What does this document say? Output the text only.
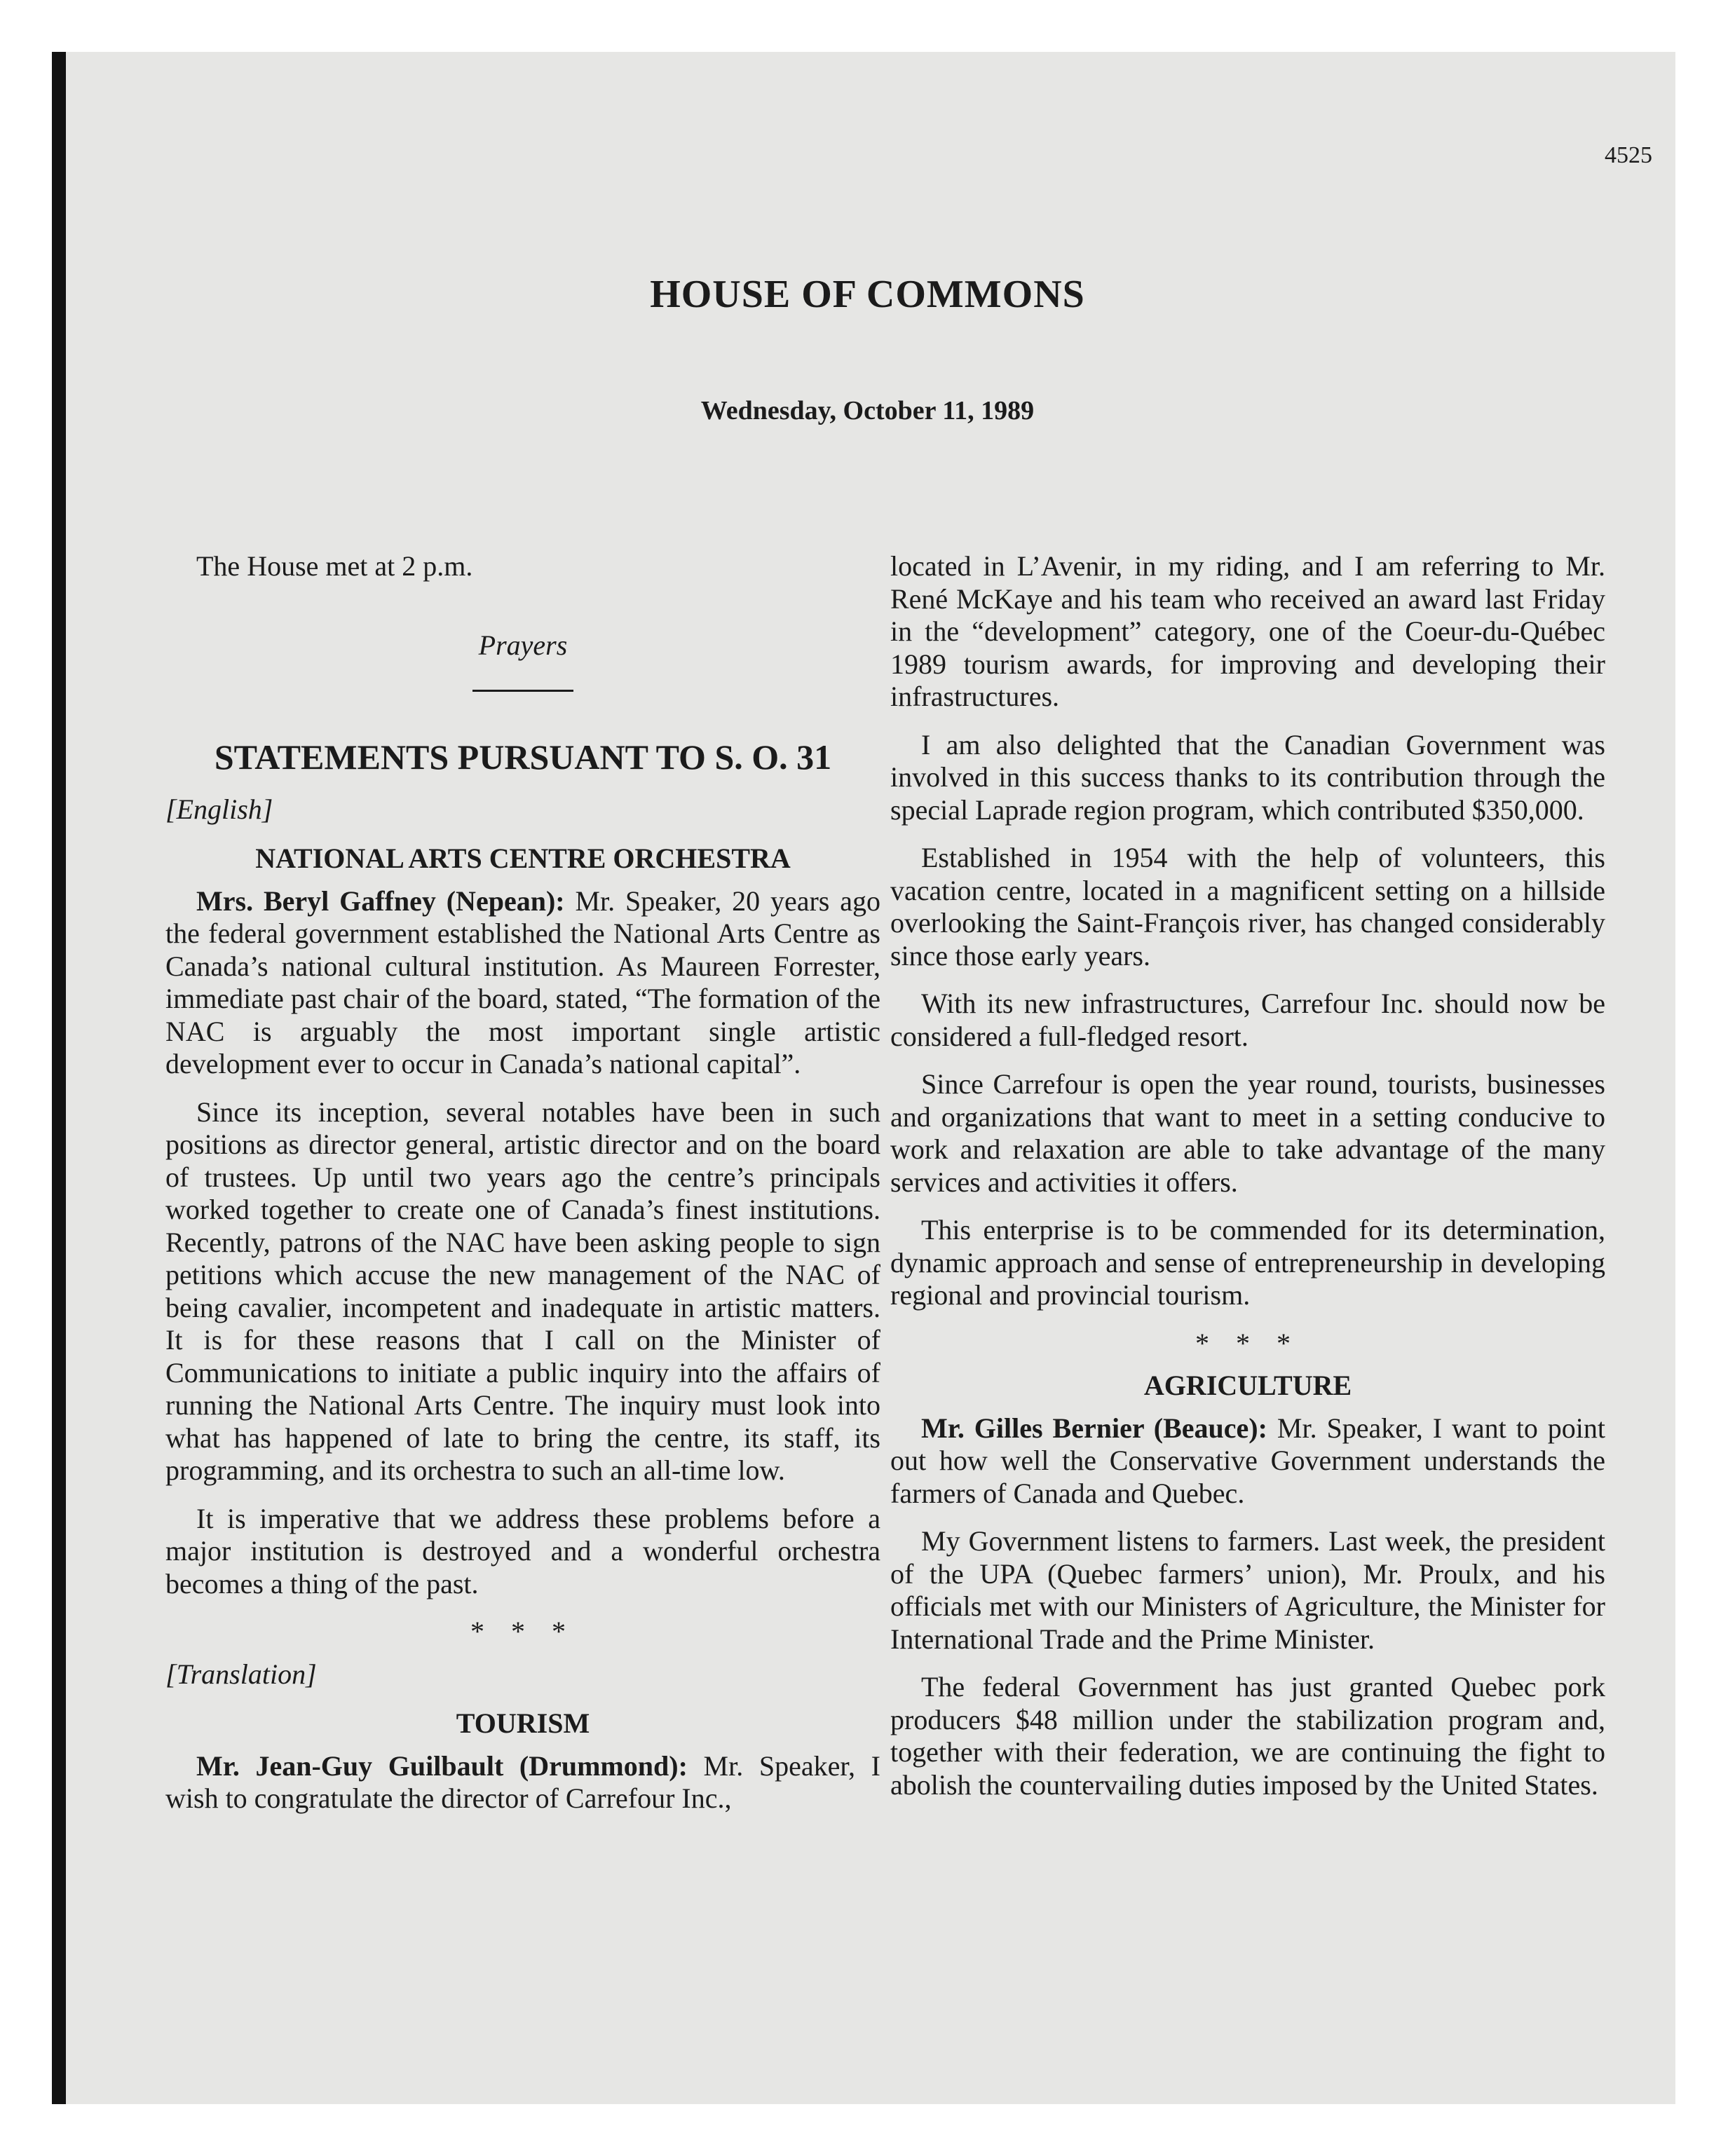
4525
HOUSE OF COMMONS
Wednesday, October 11, 1989

The House met at 2 p.m.

Prayers
STATEMENTS PURSUANT TO S. O. 31
[English]
NATIONAL ARTS CENTRE ORCHESTRA

Mrs. Beryl Gaffney (Nepean): Mr. Speaker, 20 years ago the federal government established the National Arts Centre as Canada’s national cultural institution. As Maureen Forrester, immediate past chair of the board, stated, “The formation of the NAC is arguably the most important single artistic development ever to occur in Canada’s national capital”.

Since its inception, several notables have been in such positions as director general, artistic director and on the board of trustees. Up until two years ago the centre’s principals worked together to create one of Canada’s finest institutions. Recently, patrons of the NAC have been asking people to sign petitions which accuse the new management of the NAC of being cavalier, incompetent and inadequate in artistic matters. It is for these reasons that I call on the Minister of Communications to initiate a public inquiry into the affairs of running the National Arts Centre. The inquiry must look into what has happened of late to bring the centre, its staff, its programming, and its orchestra to such an all-time low.

It is imperative that we address these problems before a major institution is destroyed and a wonderful orchestra becomes a thing of the past.

* * *
[Translation]
TOURISM

Mr. Jean-Guy Guilbault (Drummond): Mr. Speaker, I wish to congratulate the director of Carrefour Inc.,

located in L’Avenir, in my riding, and I am referring to Mr. René McKaye and his team who received an award last Friday in the “development” category, one of the Coeur-du-Québec 1989 tourism awards, for improving and developing their infrastructures.

I am also delighted that the Canadian Government was involved in this success thanks to its contribution through the special Laprade region program, which contributed $350,000.

Established in 1954 with the help of volunteers, this vacation centre, located in a magnificent setting on a hillside overlooking the Saint-François river, has changed considerably since those early years.

With its new infrastructures, Carrefour Inc. should now be considered a full-fledged resort.

Since Carrefour is open the year round, tourists, businesses and organizations that want to meet in a setting conducive to work and relaxation are able to take advantage of the many services and activities it offers.

This enterprise is to be commended for its determination, dynamic approach and sense of entrepreneurship in developing regional and provincial tourism.

* * *
AGRICULTURE

Mr. Gilles Bernier (Beauce): Mr. Speaker, I want to point out how well the Conservative Government understands the farmers of Canada and Quebec.

My Government listens to farmers. Last week, the president of the UPA (Quebec farmers’ union), Mr. Proulx, and his officials met with our Ministers of Agriculture, the Minister for International Trade and the Prime Minister.

The federal Government has just granted Quebec pork producers $48 million under the stabilization program and, together with their federation, we are continuing the fight to abolish the countervailing duties imposed by the United States.
